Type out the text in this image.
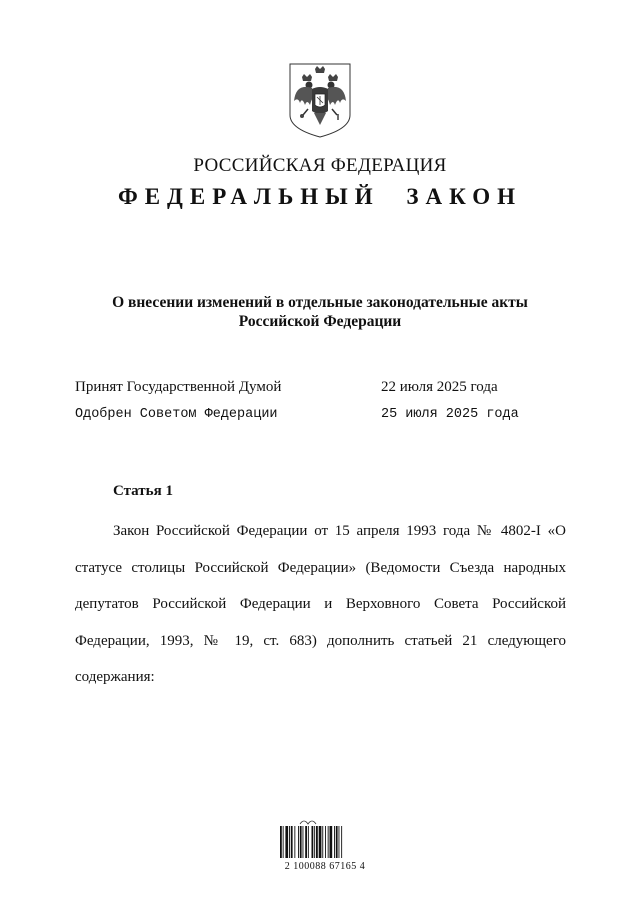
РОССИЙСКАЯ ФЕДЕРАЦИЯ
ФЕДЕРАЛЬНЫЙ ЗАКОН
О внесении изменений в отдельные законодательные акты
Российской Федерации
Принят Государственной Думой	22 июля 2025 года
Одобрен Советом Федерации	25 июля 2025 года
Статья 1

Закон Российской Федерации от 15 апреля 1993 года № 4802-I «О статусе столицы Российской Федерации» (Ведомости Съезда народных депутатов Российской Федерации и Верховного Совета Российской Федерации, 1993, № 19, ст. 683) дополнить статьей 21 следующего содержания:

2 100088 67165 4
